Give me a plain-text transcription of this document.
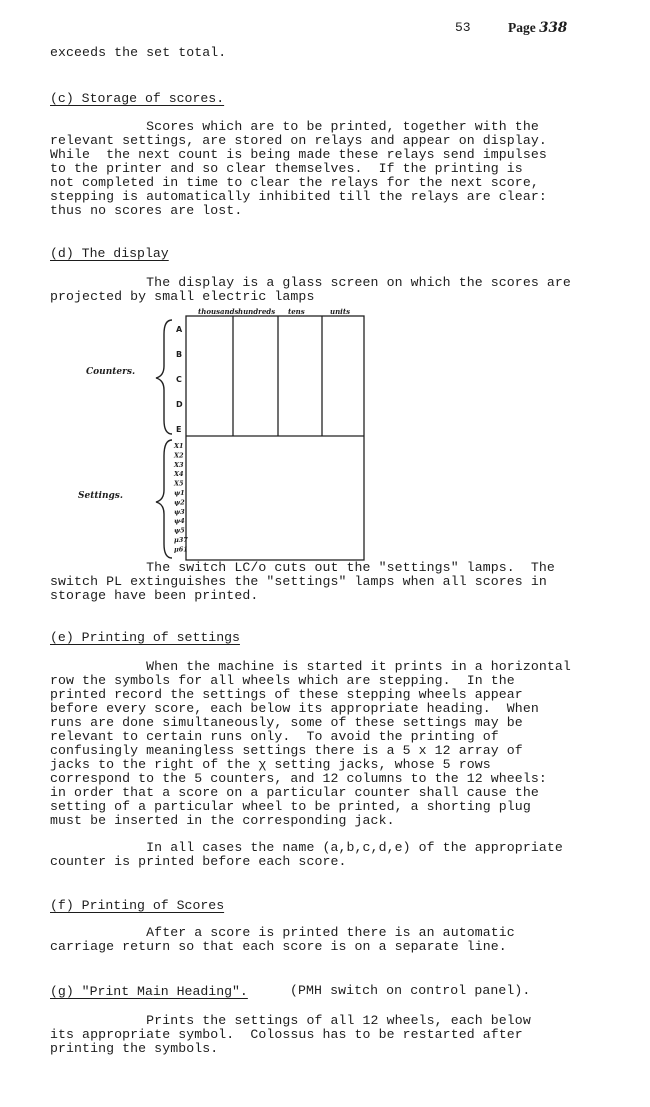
53	Page 338
exceeds the set total.
(c) Storage of scores.
Scores which are to be printed, together with the
relevant settings, are stored on relays and appear on display.
While  the next count is being made these relays send impulses
to the printer and so clear themselves.  If the printing is
not completed in time to clear the relays for the next score,
stepping is automatically inhibited till the relays are clear:
thus no scores are lost.
(d) The display
The display is a glass screen on which the scores are
projected by small electric lamps
thousands hundreds tens	units
Counters.
Settings.
A
B
C
D
E
X1
X2
X3
X4
X5
ψ1
ψ2
ψ3
ψ4
ψ5
μ37
μ61
The switch LC/o cuts out the "settings" lamps.  The
switch PL extinguishes the "settings" lamps when all scores in
storage have been printed.
(e) Printing of settings
When the machine is started it prints in a horizontal
row the symbols for all wheels which are stepping.  In the
printed record the settings of these stepping wheels appear
before every score, each below its appropriate heading.  When
runs are done simultaneously, some of these settings may be
relevant to certain runs only.  To avoid the printing of
confusingly meaningless settings there is a 5 x 12 array of
jacks to the right of the χ setting jacks, whose 5 rows
correspond to the 5 counters, and 12 columns to the 12 wheels:
in order that a score on a particular counter shall cause the
setting of a particular wheel to be printed, a shorting plug
must be inserted in the corresponding jack.
In all cases the name (a,b,c,d,e) of the appropriate
counter is printed before each score.
(f) Printing of Scores
After a score is printed there is an automatic
carriage return so that each score is on a separate line.
(g) "Print Main Heading".	(PMH switch on control panel).
Prints the settings of all 12 wheels, each below
its appropriate symbol.  Colossus has to be restarted after
printing the symbols.
